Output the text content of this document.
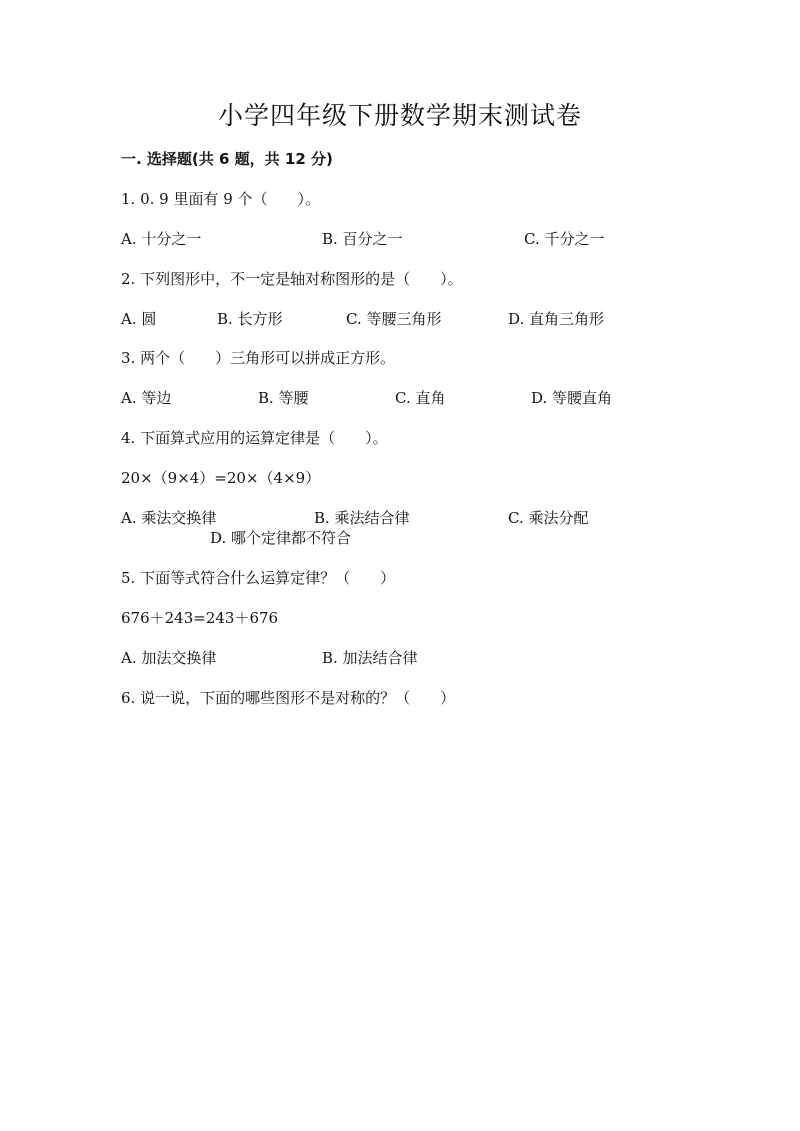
小学四年级下册数学期末测试卷
一. 选择题(共 6 题，共 12 分)
1. 0. 9 里面有 9 个（　　）。
A. 十分之一	B. 百分之一	C. 千分之一
2. 下列图形中，不一定是轴对称图形的是（　　）。
A. 圆	B. 长方形	C. 等腰三角形	D. 直角三角形
3. 两个（　　）三角形可以拼成正方形。
A. 等边	B. 等腰	C. 直角	D. 等腰直角
4. 下面算式应用的运算定律是（　　）。
20×（9×4）=20×（4×9）
A. 乘法交换律	B. 乘法结合律	C. 乘法分配
D. 哪个定律都不符合
5. 下面等式符合什么运算定律？（　　）
676＋243=243＋676
A. 加法交换律	B. 加法结合律
6. 说一说，下面的哪些图形不是对称的？（　　）
